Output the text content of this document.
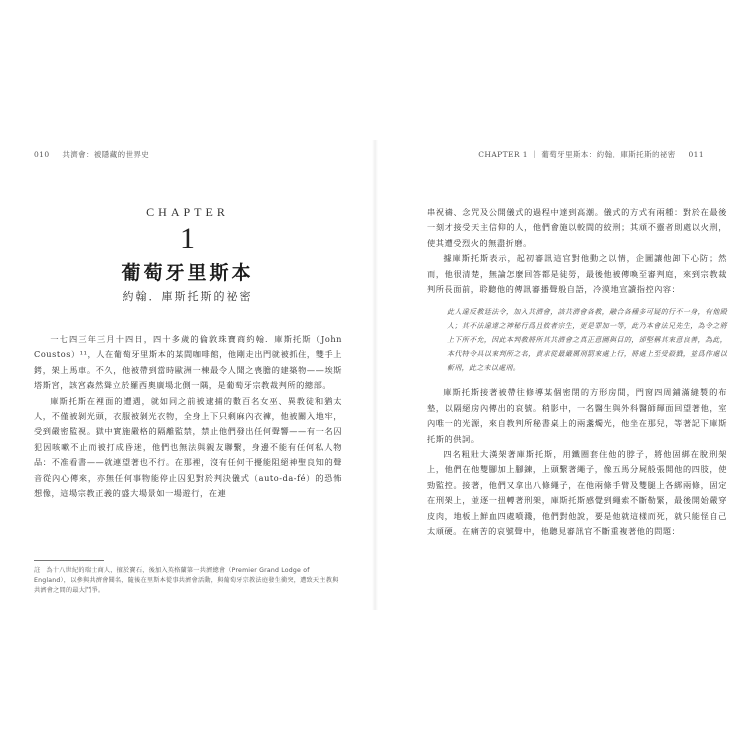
010 共濟會：被隱藏的世界史
CHAPTER
1
葡萄牙里斯本
約翰．庫斯托斯的祕密

一七四三年三月十四日，四十多歲的倫敦珠寶商約翰．庫斯托斯（John Coustos）¹¹，人在葡萄牙里斯本的某間咖啡館，他剛走出門就被抓住，雙手上銬，架上馬車。不久，他被帶到當時歐洲一棟最令人聞之喪膽的建築物——埃斯塔斯宮，該宮森然聳立於羅西奧廣場北側一隅，是葡萄牙宗教裁判所的總部。

庫斯托斯在裡面的遭遇，就如同之前被逮捕的數百名女巫、異教徒和猶太人，不僅被剝光頭，衣服被剝光衣物，全身上下只剩麻內衣褲，他被關入地牢，受到嚴密監視。獄中實施嚴格的隔離監禁，禁止他們發出任何聲響——有一名囚犯因咳嗽不止而被打成昏迷，他們也無法與親友聯繫，身邊不能有任何私人物品：不准看書——就連望著也不行。在那裡，沒有任何干擾能阻絕神聖良知的聲音從內心傳來，亦無任何事物能停止囚犯對於判決儀式（auto-da-fé）的恐怖想像，這場宗教正義的盛大場景如一場遊行，在連

註 為十八世紀的瑞士商人，擅於寶石，後加入英格蘭第一共濟總會（Premier Grand Lodge of England），以參與共濟會聞名，隨後在里斯本從事共濟會活動，與葡萄牙宗教法庭發生衝突，遭致天主教與共濟會之間的最大鬥爭。
CHAPTER 1 ｜ 葡萄牙里斯本：約翰．庫斯托斯的祕密 011

串祝禱、念咒及公開儀式的過程中達到高潮。儀式的方式有兩種：對於在最後一刻才接受天主信仰的人，他們會施以較間的絞刑；其頑不靈者則處以火刑，使其遭受烈火的無盡折磨。

據庫斯托斯表示，起初審訊這官對他動之以情，企圖讓他卸下心防；然而，他很清楚，無論怎麼回答都是徒勞，最後他被傳喚至審判庭，來到宗教裁判所長面前，聆聽他的傳訊審播聲般自語，冷漠地宣讀指控內容：

此人違反教廷法令，加入共濟會，該共濟會各教，融合各種多可疑的行不一身，有他殿人；其不法違達之神秘行爲且攸者宗生，更是罪加一等，此乃本會法兄先生，為令之將上下所不允，因此本判教將所其共濟會之真正意圖與目的，卻堅稱其來意良善，為此，本代特令具以來判所之名，責求從最嚴厲刑罰來處上行，將處上至受殺戮，並爲作處以斬刑，此之未以處刑。

庫斯托斯接著被帶往修導某個密閉的方形房間，門窗四周鋪滿縫製的布墊，以隔絕房內傳出的哀號。稍影中，一名醫生與外科醫師輝面回望著他，室內唯一的光源，來自教判所秘書桌上的兩盞燭光，他坐在那兒，等著記下庫斯托斯的供詞。

四名粗壯大漢架著庫斯托斯，用鐵圈套住他的脖子，將他固綁在脫刑架上，他們在他雙腳加上腳鍊，上頭繫著繩子，像五馬分屍般張開他的四肢，使勁監控。接著，他們又拿出八條繩子，在他兩條手臂及雙腿上各綁兩條，固定在刑架上，並逐一扭轉著刑架，庫斯托斯感覺到繩索不斷勒緊，最後開始嚴穿皮肉，地板上鮮血四處噴濺，他們對他說，要是他就這樣而死，就只能怪自己太頑硬。在痛苦的哀號聲中，他聽見審訊官不斷重複著他的問題：
